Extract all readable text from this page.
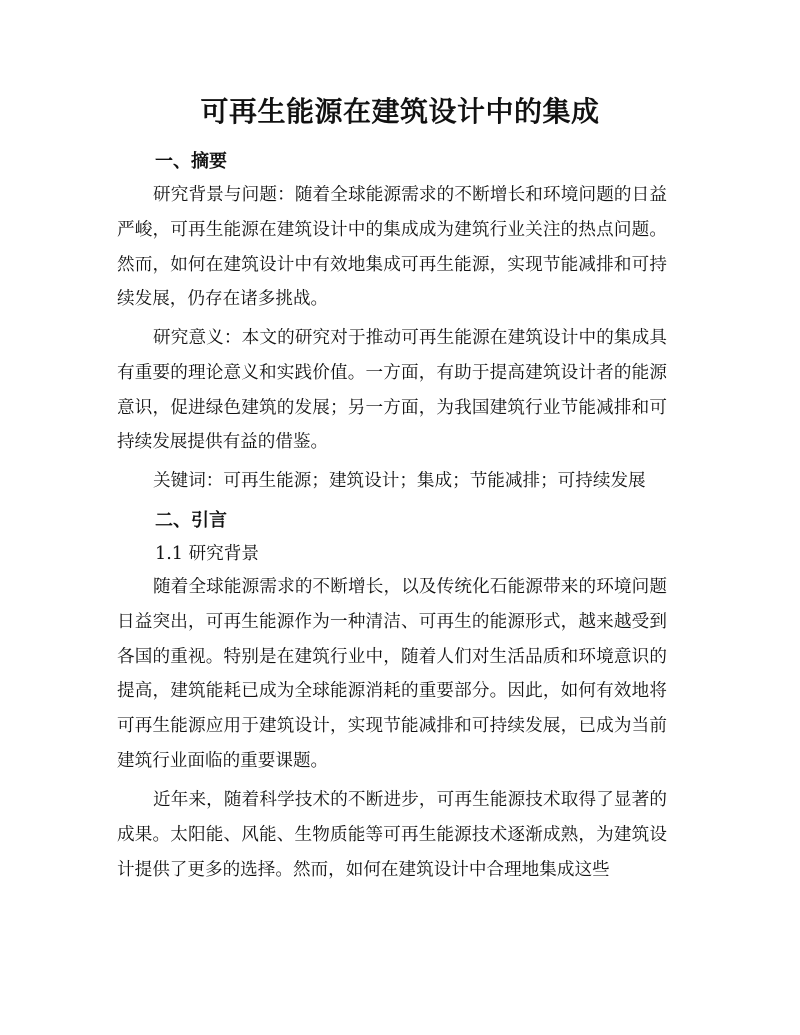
可再生能源在建筑设计中的集成
一、摘要

研究背景与问题：随着全球能源需求的不断增长和环境问题的日益严峻，可再生能源在建筑设计中的集成成为建筑行业关注的热点问题。然而，如何在建筑设计中有效地集成可再生能源，实现节能减排和可持续发展，仍存在诸多挑战。

研究意义：本文的研究对于推动可再生能源在建筑设计中的集成具有重要的理论意义和实践价值。一方面，有助于提高建筑设计者的能源意识，促进绿色建筑的发展；另一方面，为我国建筑行业节能减排和可持续发展提供有益的借鉴。

关键词：可再生能源；建筑设计；集成；节能减排；可持续发展

二、引言
1.1 研究背景

随着全球能源需求的不断增长，以及传统化石能源带来的环境问题日益突出，可再生能源作为一种清洁、可再生的能源形式，越来越受到各国的重视。特别是在建筑行业中，随着人们对生活品质和环境意识的提高，建筑能耗已成为全球能源消耗的重要部分。因此，如何有效地将可再生能源应用于建筑设计，实现节能减排和可持续发展，已成为当前建筑行业面临的重要课题。

近年来，随着科学技术的不断进步，可再生能源技术取得了显著的成果。太阳能、风能、生物质能等可再生能源技术逐渐成熟，为建筑设计提供了更多的选择。然而，如何在建筑设计中合理地集成这些
